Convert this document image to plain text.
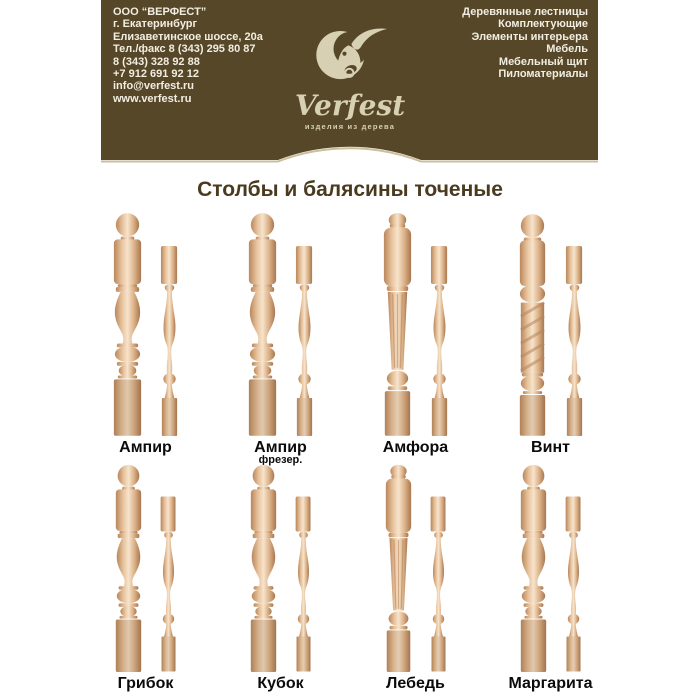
ООО “ВЕРФЕСТ”
г. Екатеринбург
Елизаветинское шоссе, 20а
Тел./факс 8 (343) 295 80 87
8 (343) 328 92 88
+7 912 691 92 12
info@verfest.ru
www.verfest.ru
Деревянные лестницы
Комплектующие
Элементы интерьера
Мебель
Мебельный щит
Пиломатериалы
Verfest
изделия из дерева
Столбы и балясины точеные
Ампир	Ампир
фрезер.
Амфора	Винт
Грибок	Кубок	Лебедь	Маргарита
